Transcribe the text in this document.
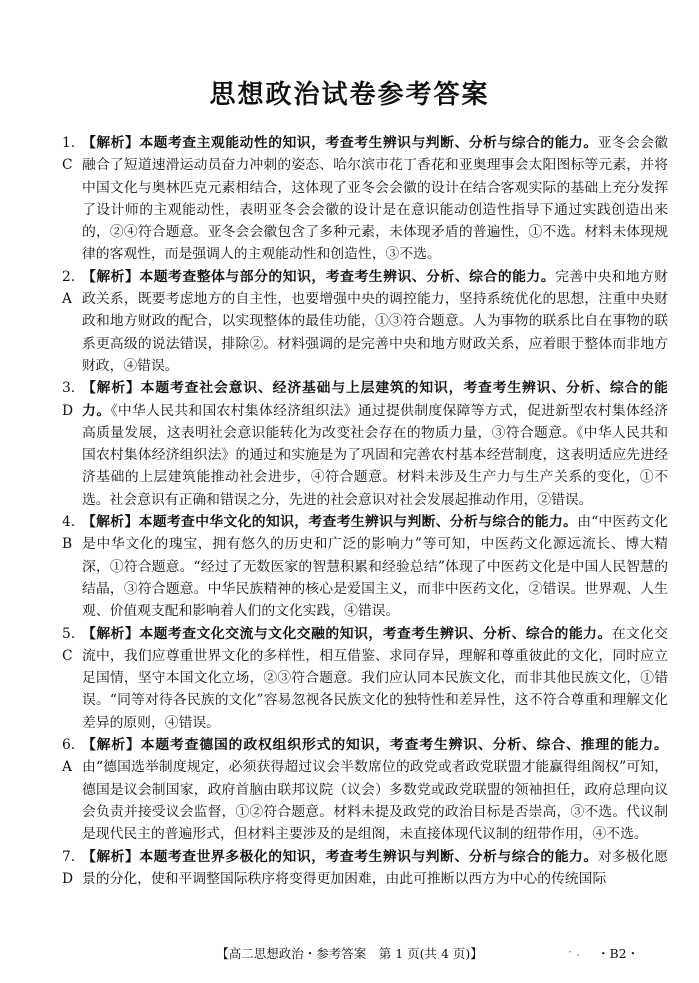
思想政治试卷参考答案
1. C
【解析】本题考查主观能动性的知识，考查考生辨识与判断、分析与综合的能力。亚冬会会徽融合了短道速滑运动员奋力冲刺的姿态、哈尔滨市花丁香花和亚奥理事会太阳图标等元素，并将中国文化与奥林匹克元素相结合，这体现了亚冬会会徽的设计在结合客观实际的基础上充分发挥了设计师的主观能动性，表明亚冬会会徽的设计是在意识能动创造性指导下通过实践创造出来的，②④符合题意。亚冬会会徽包含了多种元素，未体现矛盾的普遍性，①不选。材料未体现规律的客观性，而是强调人的主观能动性和创造性，③不选。
2. A
【解析】本题考查整体与部分的知识，考查考生辨识、分析、综合的能力。完善中央和地方财政关系，既要考虑地方的自主性，也要增强中央的调控能力，坚持系统优化的思想，注重中央财政和地方财政的配合，以实现整体的最佳功能，①③符合题意。人为事物的联系比自在事物的联系更高级的说法错误，排除②。材料强调的是完善中央和地方财政关系，应着眼于整体而非地方财政，④错误。
3. D
【解析】本题考查社会意识、经济基础与上层建筑的知识，考查考生辨识、分析、综合的能力。《中华人民共和国农村集体经济组织法》通过提供制度保障等方式，促进新型农村集体经济高质量发展，这表明社会意识能转化为改变社会存在的物质力量，③符合题意。《中华人民共和国农村集体经济组织法》的通过和实施是为了巩固和完善农村基本经营制度，这表明适应先进经济基础的上层建筑能推动社会进步，④符合题意。材料未涉及生产力与生产关系的变化，①不选。社会意识有正确和错误之分，先进的社会意识对社会发展起推动作用，②错误。
4. B
【解析】本题考查中华文化的知识，考查考生辨识与判断、分析与综合的能力。由“中医药文化是中华文化的瑰宝，拥有悠久的历史和广泛的影响力”等可知，中医药文化源远流长、博大精深，①符合题意。“经过了无数医家的智慧积累和经验总结”体现了中医药文化是中国人民智慧的结晶，③符合题意。中华民族精神的核心是爱国主义，而非中医药文化，②错误。世界观、人生观、价值观支配和影响着人们的文化实践，④错误。
5. C
【解析】本题考查文化交流与文化交融的知识，考查考生辨识、分析、综合的能力。在文化交流中，我们应尊重世界文化的多样性，相互借鉴、求同存异，理解和尊重彼此的文化，同时应立足国情，坚守本国文化立场，②③符合题意。我们应认同本民族文化，而非其他民族文化，①错误。“同等对待各民族的文化”容易忽视各民族文化的独特性和差异性，这不符合尊重和理解文化差异的原则，④错误。
6. A
【解析】本题考查德国的政权组织形式的知识，考查考生辨识、分析、综合、推理的能力。由“德国选举制度规定，必须获得超过议会半数席位的政党或者政党联盟才能赢得组阁权”可知，德国是议会制国家，政府首脑由联邦议院（议会）多数党或政党联盟的领袖担任，政府总理向议会负责并接受议会监督，①②符合题意。材料未提及政党的政治目标是否崇高，③不选。代议制是现代民主的普遍形式，但材料主要涉及的是组阁，未直接体现代议制的纽带作用，④不选。
7. D
【解析】本题考查世界多极化的知识，考查考生辨识与判断、分析与综合的能力。对多极化愿景的分化，使和平调整国际秩序将变得更加困难，由此可推断以西方为中心的传统国际
【高二思想政治・参考答案　第 1 页(共 4 页)】	· . ・B2・
